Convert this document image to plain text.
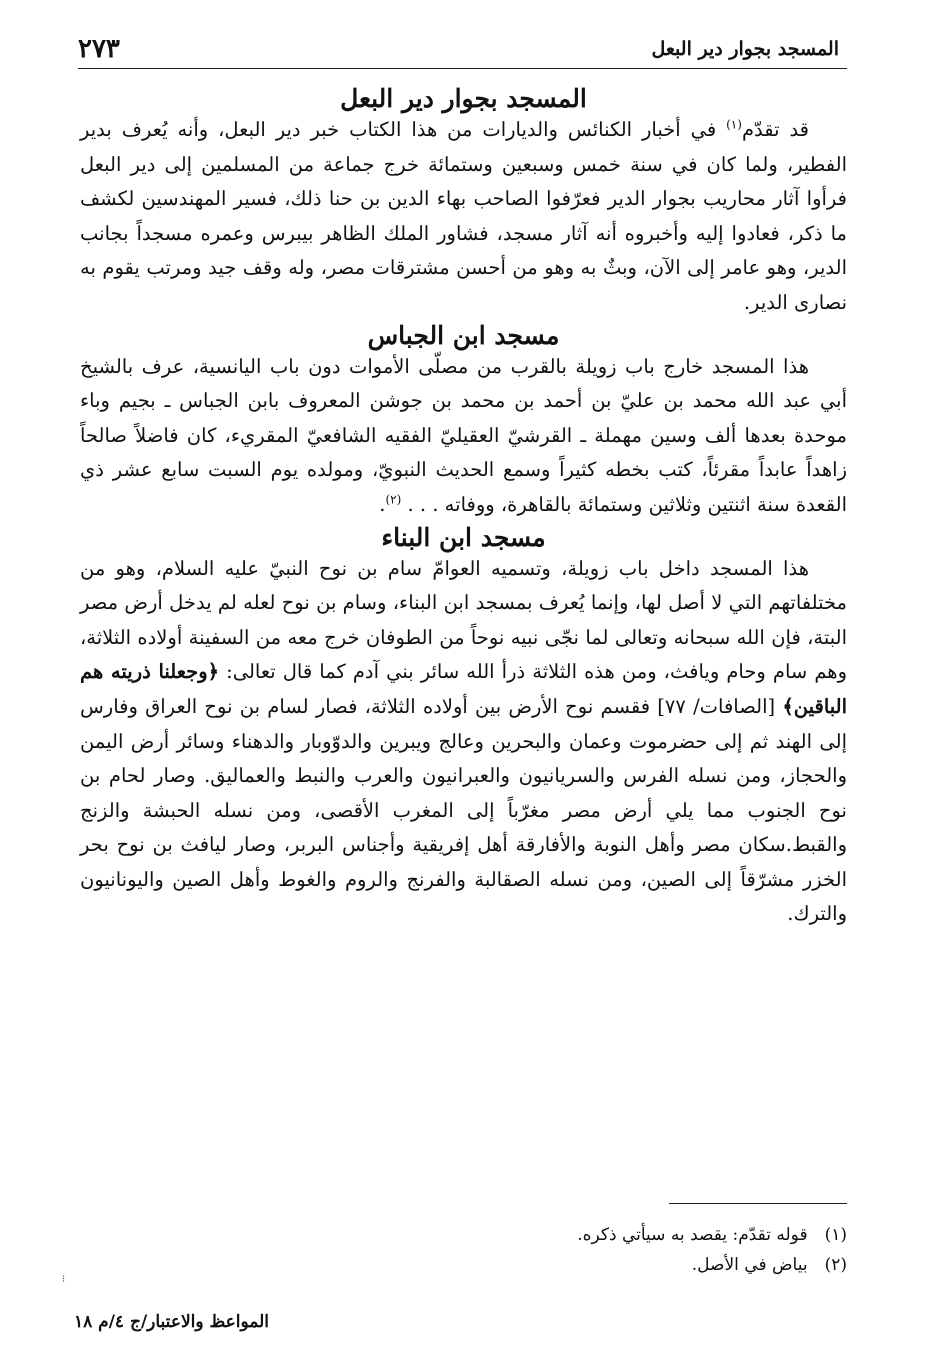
المسجد بجوار دير البعل
٢٧٣
المسجد بجوار دير البعل

قد تقدّم$^{(١)}$ في أخبار الكنائس والديارات من هذا الكتاب خبر دير البعل، وأنه يُعرف بدير الفطير، ولما كان في سنة خمس وسبعين وستمائة خرج جماعة من المسلمين إلى دير البعل فرأوا آثار محاريب بجوار الدير فعرّفوا الصاحب بهاء الدين بن حنا ذلك، فسير المهندسين لكشف ما ذكر، فعادوا إليه وأخبروه أنه آثار مسجد، فشاور الملك الظاهر بيبرس وعمره مسجداً بجانب الدير، وهو عامر إلى الآن، وبثٌ به وهو من أحسن مشترقات مصر، وله وقف جيد ومرتب يقوم به نصارى الدير.

مسجد ابن الجباس

هذا المسجد خارج باب زويلة بالقرب من مصلّى الأموات دون باب اليانسية، عرف بالشيخ أبي عبد الله محمد بن عليّ بن أحمد بن محمد بن جوشن المعروف بابن الجباس ـ بجيم وباء موحدة بعدها ألف وسين مهملة ـ القرشيّ العقيليّ الفقيه الشافعيّ المقريء، كان فاضلاً صالحاً زاهداً عابداً مقرئاً، كتب بخطه كثيراً وسمع الحديث النبويّ، ومولده يوم السبت سابع عشر ذي القعدة سنة اثنتين وثلاثين وستمائة بالقاهرة، ووفاته . . . $^{(٢)}$.

مسجد ابن البناء

هذا المسجد داخل باب زويلة، وتسميه العوامّ سام بن نوح النبيّ عليه السلام، وهو من مختلفاتهم التي لا أصل لها، وإنما يُعرف بمسجد ابن البناء، وسام بن نوح لعله لم يدخل أرض مصر البتة، فإن الله سبحانه وتعالى لما نجّى نبيه نوحاً من الطوفان خرج معه من السفينة أولاده الثلاثة، وهم سام وحام ويافث، ومن هذه الثلاثة ذرأ الله سائر بني آدم كما قال تعالى: ﴿وجعلنا ذريته هم الباقين﴾ [الصافات/ ٧٧] فقسم نوح الأرض بين أولاده الثلاثة، فصار لسام بن نوح العراق وفارس إلى الهند ثم إلى حضرموت وعمان والبحرين وعالج ويبرين والدوّوبار والدهناء وسائر أرض اليمن والحجاز، ومن نسله الفرس والسريانيون والعبرانيون والعرب والنبط والعماليق. وصار لحام بن نوح الجنوب مما يلي أرض مصر مغرّباً إلى المغرب الأقصى، ومن نسله الحبشة والزنج والقبط.سكان مصر وأهل النوبة والأفارقة أهل إفريقية وأجناس البربر، وصار ليافث بن نوح بحر الخزر مشرّقاً إلى الصين، ومن نسله الصقالبة والفرنج والروم والغوط وأهل الصين واليونانيون والترك.

(١) قوله تقدّم: يقصد به سيأتي ذكره.
(٢) بياض في الأصل.
⁝
المواعظ والاعتبار/ج ٤/م ١٨
